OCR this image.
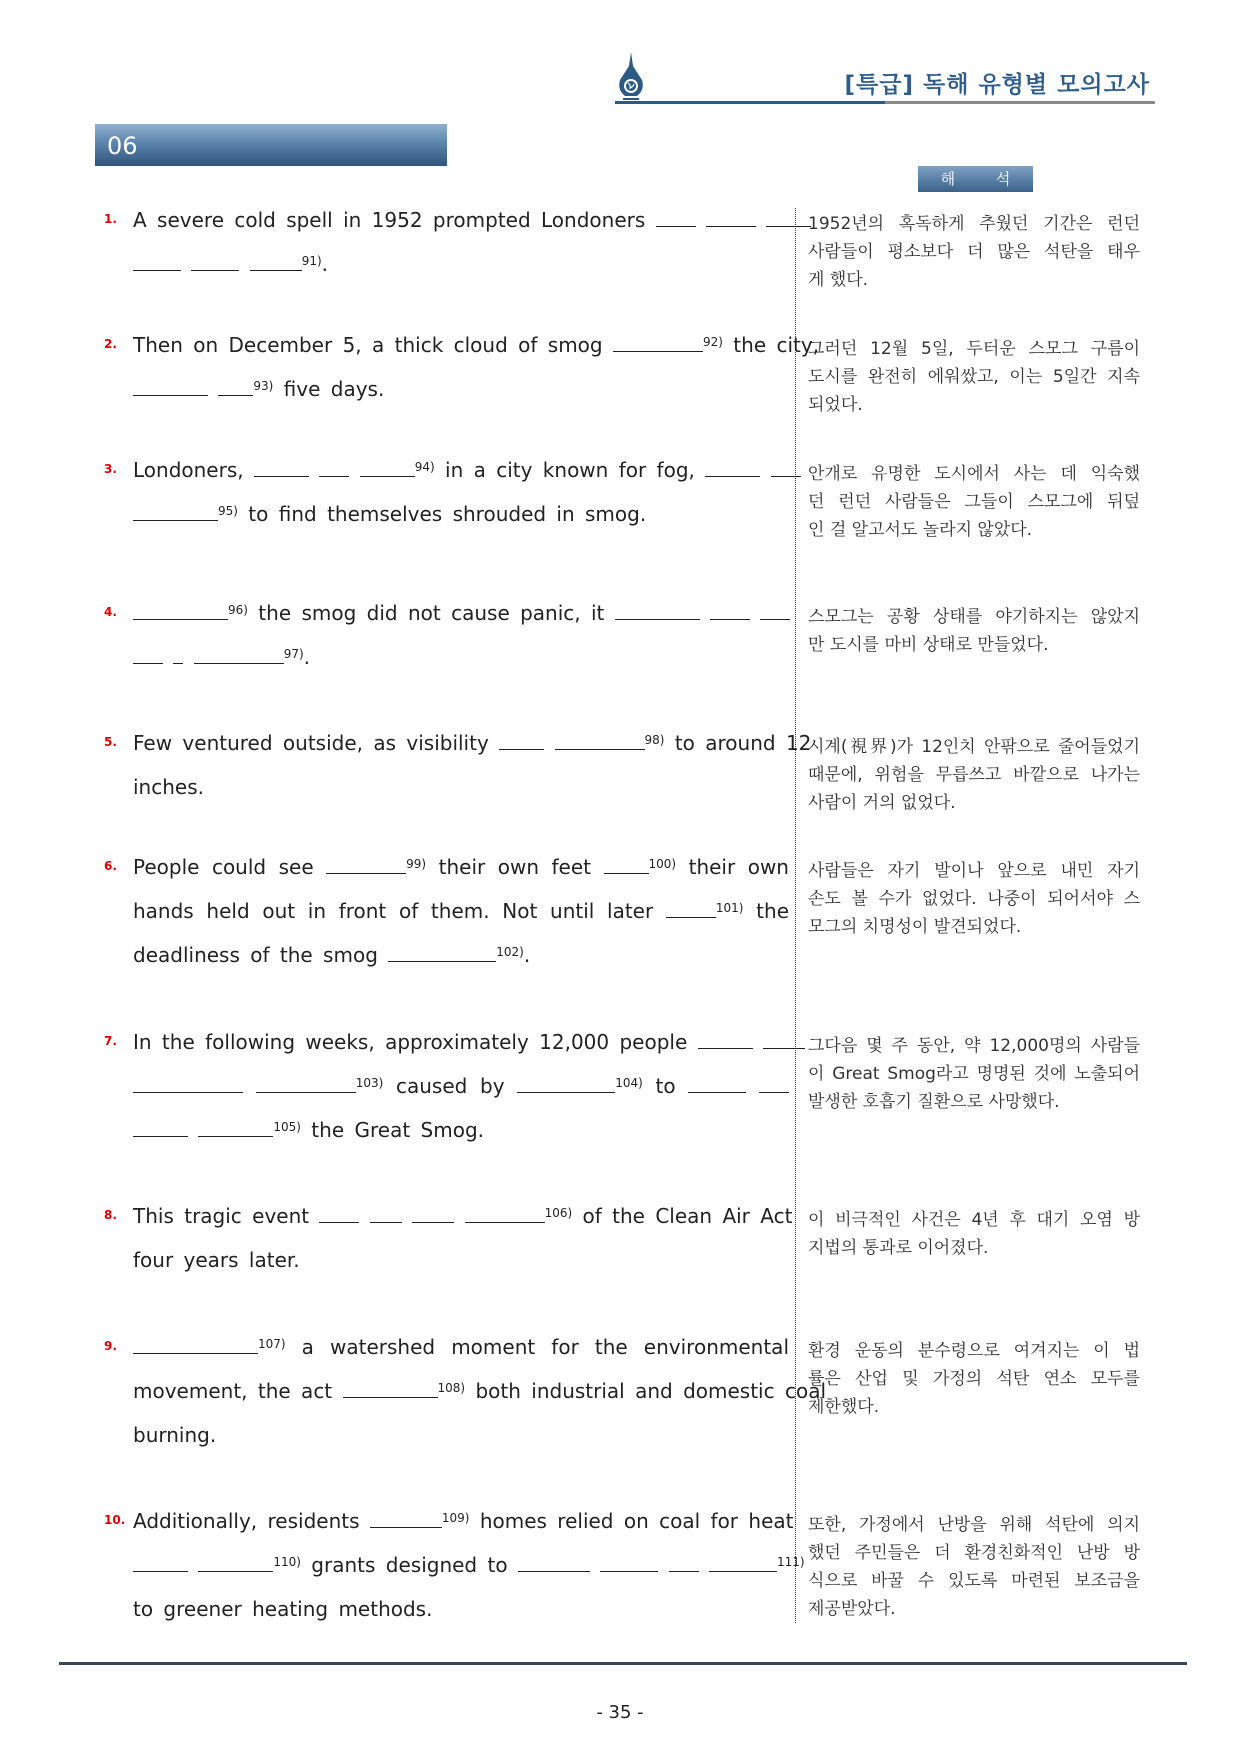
[특급] 독해 유형별 모의고사
06
해 석
1. A severe cold spell in 1952 prompted Londoners
$^{91)}$.
1952년의 혹독하게 추웠던 기간은 런던
사람들이 평소보다 더 많은 석탄을 태우
게 했다.
2. Then on December 5, a thick cloud of smog	$^{92)}$ the city,
$^{93)}$ five days.
그러던 12월 5일, 두터운 스모그 구름이
도시를 완전히 에워쌌고, 이는 5일간 지속
되었다.
3. Londoners,	$^{94)}$ in a city known for fog,
$^{95)}$ to find themselves shrouded in smog.
안개로 유명한 도시에서 사는 데 익숙했
던 런던 사람들은 그들이 스모그에 뒤덮
인 걸 알고서도 놀라지 않았다.
4.	$^{96)}$ the smog did not cause panic, it
$^{97)}$.
스모그는 공황 상태를 야기하지는 않았지
만 도시를 마비 상태로 만들었다.
5. Few ventured outside, as visibility	$^{98)}$ to around 12
inches.
시계(視界)가 12인치 안팎으로 줄어들었기
때문에, 위험을 무릅쓰고 바깥으로 나가는
사람이 거의 없었다.
6. People could see	$^{99)}$ their own feet	$^{100)}$ their own
hands held out in front of them. Not until later	$^{101)}$ the
deadliness of the smog	$^{102)}$.
사람들은 자기 발이나 앞으로 내민 자기
손도 볼 수가 없었다. 나중이 되어서야 스
모그의 치명성이 발견되었다.
7. In the following weeks, approximately 12,000 people
$^{103)}$ caused by	$^{104)}$ to
$^{105)}$ the Great Smog.
그다음 몇 주 동안, 약 12,000명의 사람들
이 Great Smog라고 명명된 것에 노출되어
발생한 호흡기 질환으로 사망했다.
8. This tragic event	$^{106)}$ of the Clean Air Act
four years later.
이 비극적인 사건은 4년 후 대기 오염 방
지법의 통과로 이어졌다.
9.	$^{107)}$ a watershed moment for the environmental
movement, the act	$^{108)}$ both industrial and domestic coal
burning.
환경 운동의 분수령으로 여겨지는 이 법
률은 산업 및 가정의 석탄 연소 모두를
제한했다.
10. Additionally, residents	$^{109)}$ homes relied on coal for heat
$^{110)}$ grants designed to	$^{111)}$
to greener heating methods.
또한, 가정에서 난방을 위해 석탄에 의지
했던 주민들은 더 환경친화적인 난방 방
식으로 바꿀 수 있도록 마련된 보조금을
제공받았다.
- 35 -
